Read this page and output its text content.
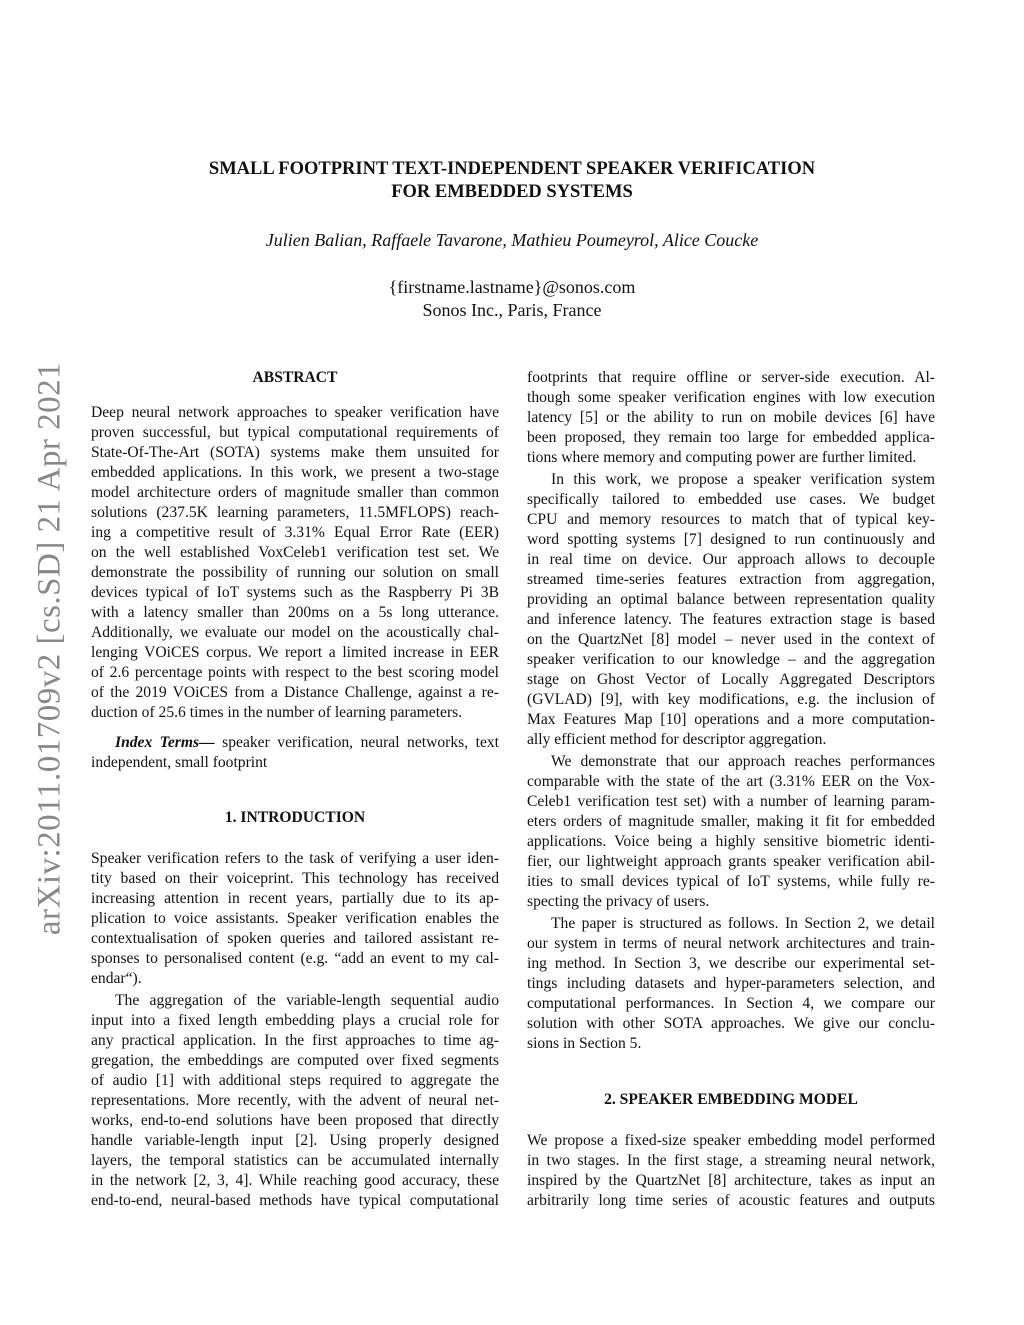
arXiv:2011.01709v2 [cs.SD] 21 Apr 2021
SMALL FOOTPRINT TEXT-INDEPENDENT SPEAKER VERIFICATION
FOR EMBEDDED SYSTEMS
Julien Balian, Raffaele Tavarone, Mathieu Poumeyrol, Alice Coucke
{firstname.lastname}@sonos.com
Sonos Inc., Paris, France
ABSTRACT
Deep neural network approaches to speaker verification have
proven successful, but typical computational requirements of
State-Of-The-Art (SOTA) systems make them unsuited for
embedded applications. In this work, we present a two-stage
model architecture orders of magnitude smaller than common
solutions (237.5K learning parameters, 11.5MFLOPS) reach-
ing a competitive result of 3.31% Equal Error Rate (EER)
on the well established VoxCeleb1 verification test set. We
demonstrate the possibility of running our solution on small
devices typical of IoT systems such as the Raspberry Pi 3B
with a latency smaller than 200ms on a 5s long utterance.
Additionally, we evaluate our model on the acoustically chal-
lenging VOiCES corpus. We report a limited increase in EER
of 2.6 percentage points with respect to the best scoring model
of the 2019 VOiCES from a Distance Challenge, against a re-
duction of 25.6 times in the number of learning parameters.
Index Terms— speaker verification, neural networks, text
independent, small footprint
1. INTRODUCTION
Speaker verification refers to the task of verifying a user iden-
tity based on their voiceprint. This technology has received
increasing attention in recent years, partially due to its ap-
plication to voice assistants. Speaker verification enables the
contextualisation of spoken queries and tailored assistant re-
sponses to personalised content (e.g. “add an event to my cal-
endar“).
The aggregation of the variable-length sequential audio
input into a fixed length embedding plays a crucial role for
any practical application. In the first approaches to time ag-
gregation, the embeddings are computed over fixed segments
of audio [1] with additional steps required to aggregate the
representations. More recently, with the advent of neural net-
works, end-to-end solutions have been proposed that directly
handle variable-length input [2]. Using properly designed
layers, the temporal statistics can be accumulated internally
in the network [2, 3, 4]. While reaching good accuracy, these
end-to-end, neural-based methods have typical computational
footprints that require offline or server-side execution. Al-
though some speaker verification engines with low execution
latency [5] or the ability to run on mobile devices [6] have
been proposed, they remain too large for embedded applica-
tions where memory and computing power are further limited.
In this work, we propose a speaker verification system
specifically tailored to embedded use cases. We budget
CPU and memory resources to match that of typical key-
word spotting systems [7] designed to run continuously and
in real time on device. Our approach allows to decouple
streamed time-series features extraction from aggregation,
providing an optimal balance between representation quality
and inference latency. The features extraction stage is based
on the QuartzNet [8] model – never used in the context of
speaker verification to our knowledge – and the aggregation
stage on Ghost Vector of Locally Aggregated Descriptors
(GVLAD) [9], with key modifications, e.g. the inclusion of
Max Features Map [10] operations and a more computation-
ally efficient method for descriptor aggregation.
We demonstrate that our approach reaches performances
comparable with the state of the art (3.31% EER on the Vox-
Celeb1 verification test set) with a number of learning param-
eters orders of magnitude smaller, making it fit for embedded
applications. Voice being a highly sensitive biometric identi-
fier, our lightweight approach grants speaker verification abil-
ities to small devices typical of IoT systems, while fully re-
specting the privacy of users.
The paper is structured as follows. In Section 2, we detail
our system in terms of neural network architectures and train-
ing method. In Section 3, we describe our experimental set-
tings including datasets and hyper-parameters selection, and
computational performances. In Section 4, we compare our
solution with other SOTA approaches. We give our conclu-
sions in Section 5.
2. SPEAKER EMBEDDING MODEL
We propose a fixed-size speaker embedding model performed
in two stages. In the first stage, a streaming neural network,
inspired by the QuartzNet [8] architecture, takes as input an
arbitrarily long time series of acoustic features and outputs
